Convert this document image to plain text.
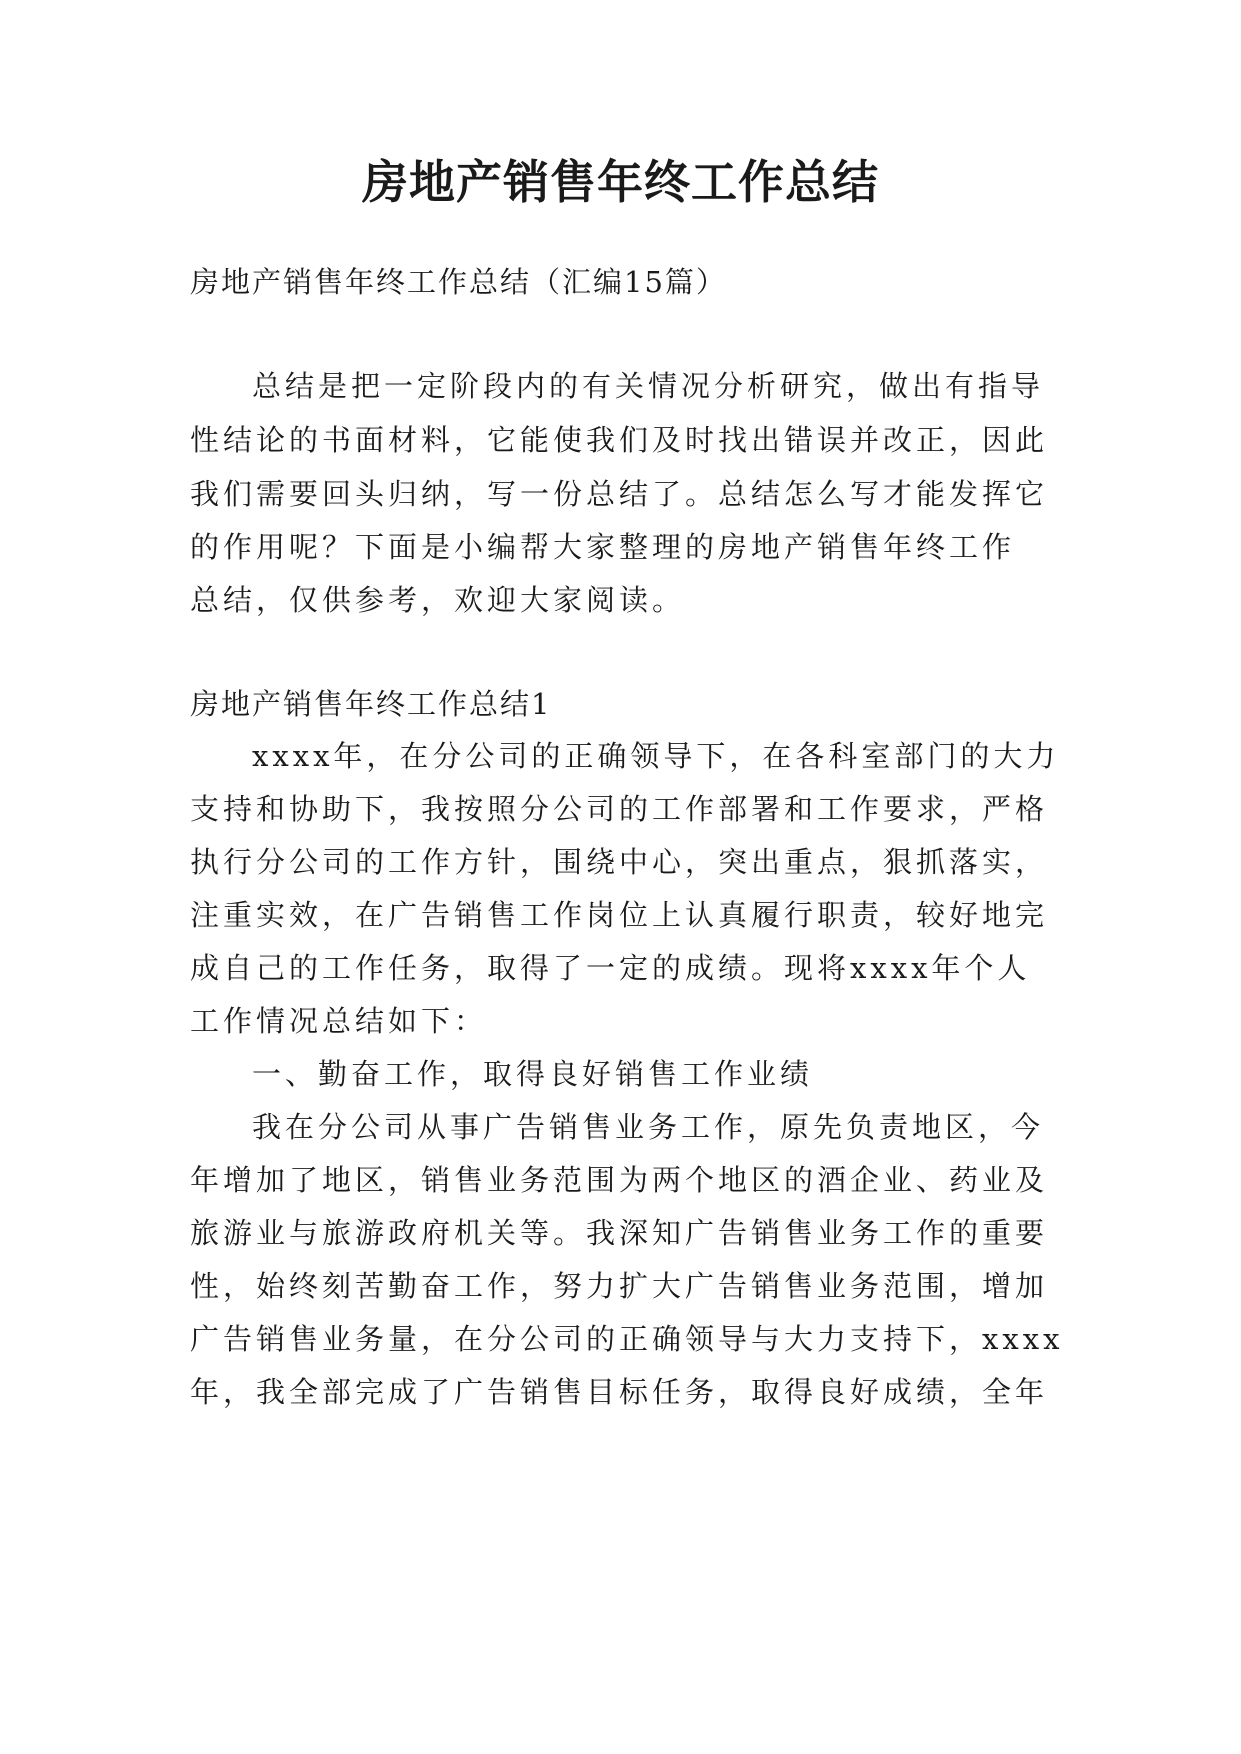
房地产销售年终工作总结

房地产销售年终工作总结（汇编15篇）

总结是把一定阶段内的有关情况分析研究，做出有指导

性结论的书面材料，它能使我们及时找出错误并改正，因此

我们需要回头归纳，写一份总结了。总结怎么写才能发挥它

的作用呢？下面是小编帮大家整理的房地产销售年终工作

总结，仅供参考，欢迎大家阅读。

房地产销售年终工作总结1

xxxx年，在分公司的正确领导下，在各科室部门的大力

支持和协助下，我按照分公司的工作部署和工作要求，严格

执行分公司的工作方针，围绕中心，突出重点，狠抓落实，

注重实效，在广告销售工作岗位上认真履行职责，较好地完

成自己的工作任务，取得了一定的成绩。现将xxxx年个人

工作情况总结如下：

一、勤奋工作，取得良好销售工作业绩

我在分公司从事广告销售业务工作，原先负责地区，今

年增加了地区，销售业务范围为两个地区的酒企业、药业及

旅游业与旅游政府机关等。我深知广告销售业务工作的重要

性，始终刻苦勤奋工作，努力扩大广告销售业务范围，增加

广告销售业务量，在分公司的正确领导与大力支持下，xxxx

年，我全部完成了广告销售目标任务，取得良好成绩，全年
